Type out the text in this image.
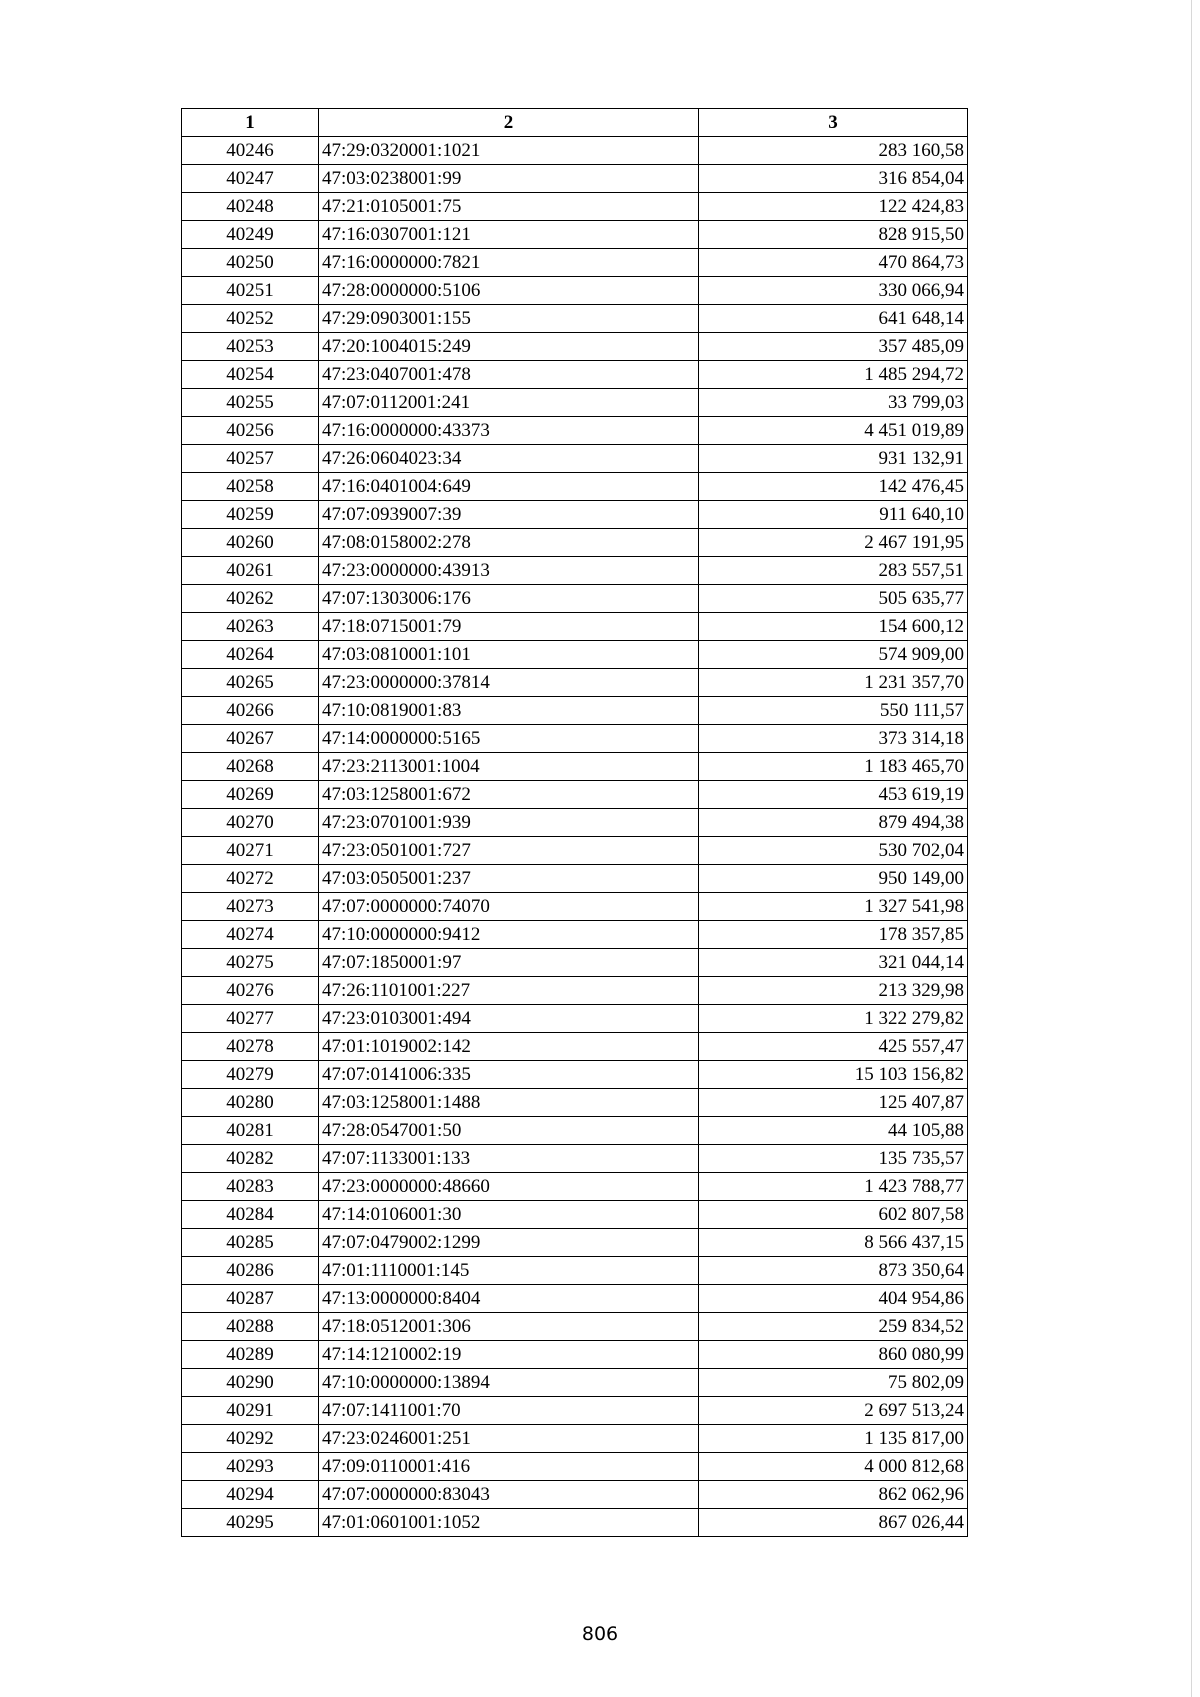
1	2	3
40246	47:29:0320001:1021	283 160,58
40247	47:03:0238001:99	316 854,04
40248	47:21:0105001:75	122 424,83
40249	47:16:0307001:121	828 915,50
40250	47:16:0000000:7821	470 864,73
40251	47:28:0000000:5106	330 066,94
40252	47:29:0903001:155	641 648,14
40253	47:20:1004015:249	357 485,09
40254	47:23:0407001:478	1 485 294,72
40255	47:07:0112001:241	33 799,03
40256	47:16:0000000:43373	4 451 019,89
40257	47:26:0604023:34	931 132,91
40258	47:16:0401004:649	142 476,45
40259	47:07:0939007:39	911 640,10
40260	47:08:0158002:278	2 467 191,95
40261	47:23:0000000:43913	283 557,51
40262	47:07:1303006:176	505 635,77
40263	47:18:0715001:79	154 600,12
40264	47:03:0810001:101	574 909,00
40265	47:23:0000000:37814	1 231 357,70
40266	47:10:0819001:83	550 111,57
40267	47:14:0000000:5165	373 314,18
40268	47:23:2113001:1004	1 183 465,70
40269	47:03:1258001:672	453 619,19
40270	47:23:0701001:939	879 494,38
40271	47:23:0501001:727	530 702,04
40272	47:03:0505001:237	950 149,00
40273	47:07:0000000:74070	1 327 541,98
40274	47:10:0000000:9412	178 357,85
40275	47:07:1850001:97	321 044,14
40276	47:26:1101001:227	213 329,98
40277	47:23:0103001:494	1 322 279,82
40278	47:01:1019002:142	425 557,47
40279	47:07:0141006:335	15 103 156,82
40280	47:03:1258001:1488	125 407,87
40281	47:28:0547001:50	44 105,88
40282	47:07:1133001:133	135 735,57
40283	47:23:0000000:48660	1 423 788,77
40284	47:14:0106001:30	602 807,58
40285	47:07:0479002:1299	8 566 437,15
40286	47:01:1110001:145	873 350,64
40287	47:13:0000000:8404	404 954,86
40288	47:18:0512001:306	259 834,52
40289	47:14:1210002:19	860 080,99
40290	47:10:0000000:13894	75 802,09
40291	47:07:1411001:70	2 697 513,24
40292	47:23:0246001:251	1 135 817,00
40293	47:09:0110001:416	4 000 812,68
40294	47:07:0000000:83043	862 062,96
40295	47:01:0601001:1052	867 026,44
806
